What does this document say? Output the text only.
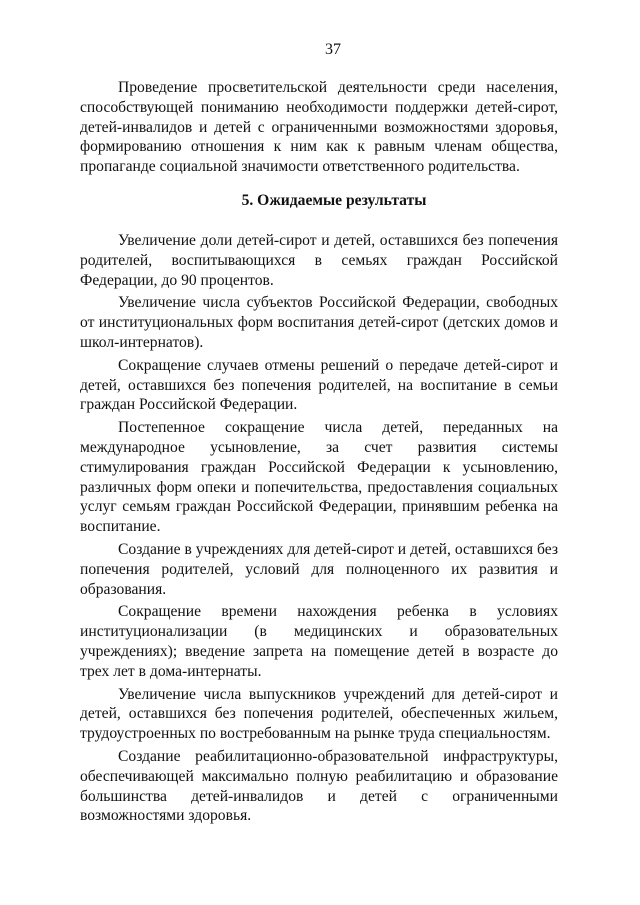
37

Проведение просветительской деятельности среди населения, способствующей пониманию необходимости поддержки детей-сирот, детей-инвалидов и детей с ограниченными возможностями здоровья, формированию отношения к ним как к равным членам общества, пропаганде социальной значимости ответственного родительства.

5. Ожидаемые результаты

Увеличение доли детей-сирот и детей, оставшихся без попечения родителей, воспитывающихся в семьях граждан Российской Федерации, до 90 процентов.

Увеличение числа субъектов Российской Федерации, свободных от институциональных форм воспитания детей-сирот (детских домов и школ-интернатов).

Сокращение случаев отмены решений о передаче детей-сирот и детей, оставшихся без попечения родителей, на воспитание в семьи граждан Российской Федерации.

Постепенное сокращение числа детей, переданных на международное усыновление, за счет развития системы стимулирования граждан Российской Федерации к усыновлению, различных форм опеки и попечительства, предоставления социальных услуг семьям граждан Российской Федерации, принявшим ребенка на воспитание.

Создание в учреждениях для детей-сирот и детей, оставшихся без попечения родителей, условий для полноценного их развития и образования.

Сокращение времени нахождения ребенка в условиях институционализации (в медицинских и образовательных учреждениях); введение запрета на помещение детей в возрасте до трех лет в дома-интернаты.

Увеличение числа выпускников учреждений для детей-сирот и детей, оставшихся без попечения родителей, обеспеченных жильем, трудоустроенных по востребованным на рынке труда специальностям.

Создание реабилитационно-образовательной инфраструктуры, обеспечивающей максимально полную реабилитацию и образование большинства детей-инвалидов и детей с ограниченными возможностями здоровья.
